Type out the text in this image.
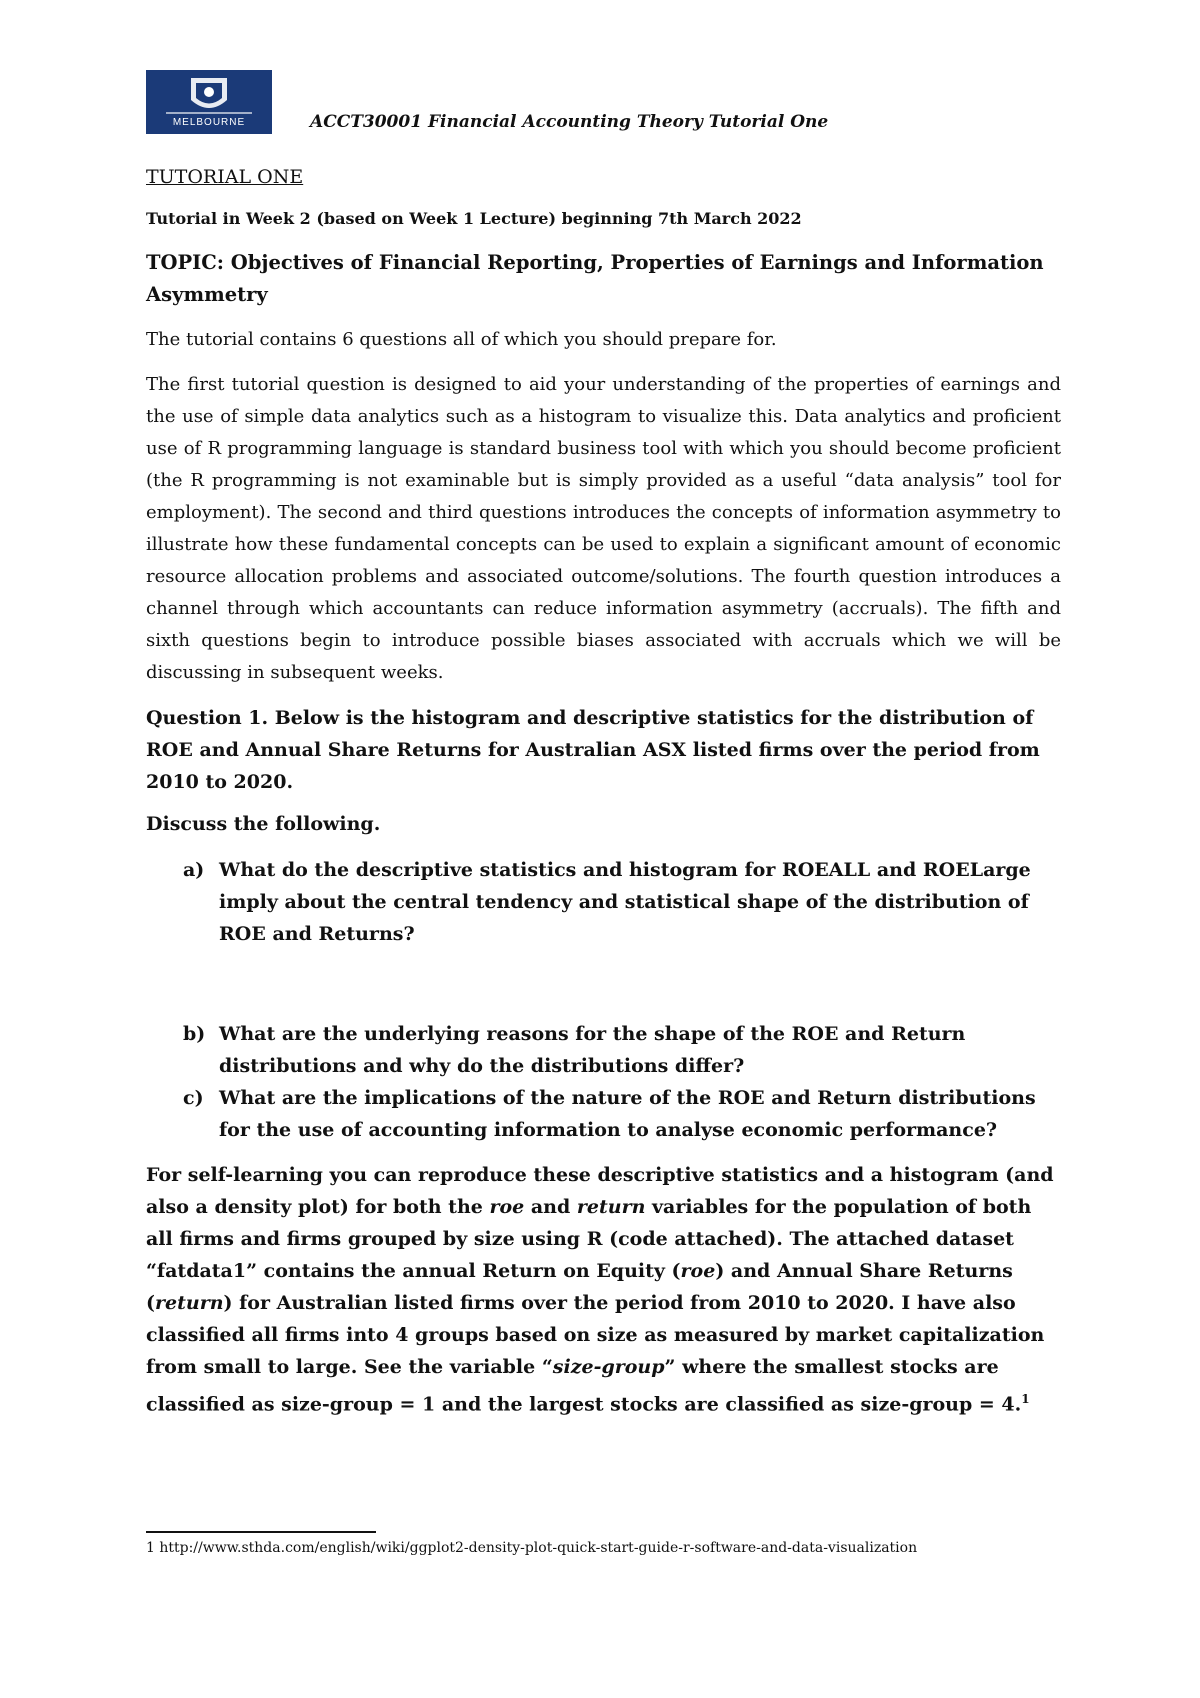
MELBOURNE	ACCT30001 Financial Accounting Theory Tutorial One
TUTORIAL ONE
Tutorial in Week 2 (based on Week 1 Lecture) beginning 7th March 2022
TOPIC: Objectives of Financial Reporting, Properties of Earnings and Information Asymmetry

The tutorial contains 6 questions all of which you should prepare for.

The first tutorial question is designed to aid your understanding of the properties of earnings and the use of simple data analytics such as a histogram to visualize this. Data analytics and proficient use of R programming language is standard business tool with which you should become proficient (the R programming is not examinable but is simply provided as a useful “data analysis” tool for employment). The second and third questions introduces the concepts of information asymmetry to illustrate how these fundamental concepts can be used to explain a significant amount of economic resource allocation problems and associated outcome/solutions. The fourth question introduces a channel through which accountants can reduce information asymmetry (accruals). The fifth and sixth questions begin to introduce possible biases associated with accruals which we will be discussing in subsequent weeks.

Question 1. Below is the histogram and descriptive statistics for the distribution of ROE and Annual Share Returns for Australian ASX listed firms over the period from 2010 to 2020.
Discuss the following.
a) What do the descriptive statistics and histogram for ROEALL and ROELarge imply about the central tendency and statistical shape of the distribution of ROE and Returns?
b) What are the underlying reasons for the shape of the ROE and Return distributions and why do the distributions differ?
c) What are the implications of the nature of the ROE and Return distributions for the use of accounting information to analyse economic performance?
For self-learning you can reproduce these descriptive statistics and a histogram (and also a density plot) for both the roe and return variables for the population of both all firms and firms grouped by size using R (code attached). The attached dataset “fatdata1” contains the annual Return on Equity (roe) and Annual Share Returns (return) for Australian listed firms over the period from 2010 to 2020. I have also classified all firms into 4 groups based on size as measured by market capitalization from small to large. See the variable “size-group” where the smallest stocks are classified as size-group = 1 and the largest stocks are classified as size-group = 4.$^1$
1 http://www.sthda.com/english/wiki/ggplot2-density-plot-quick-start-guide-r-software-and-data-visualization
